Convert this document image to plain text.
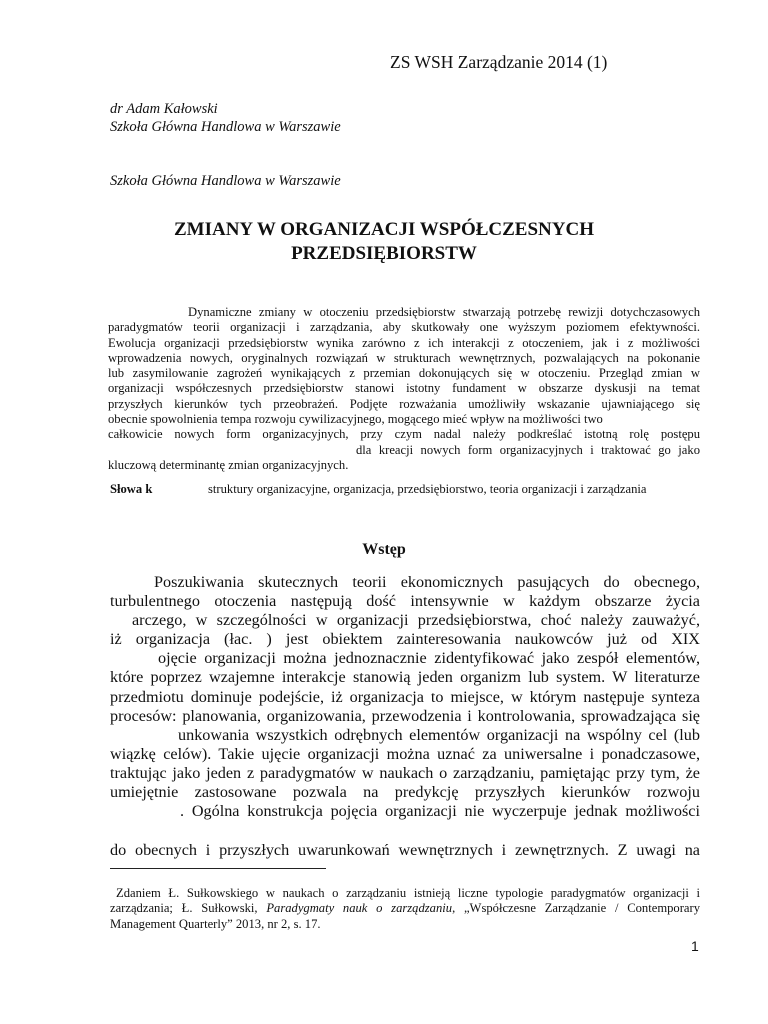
ZS WSH Zarządzanie 2014 (1)
dr Adam Kałowski
Szkoła Główna Handlowa w Warszawie
Szkoła Główna Handlowa w Warszawie
ZMIANY W ORGANIZACJI WSPÓŁCZESNYCH
PRZEDSIĘBIORSTW
Dynamiczne zmiany w otoczeniu przedsiębiorstw stwarzają potrzebę rewizji dotychczasowych
paradygmatów teorii organizacji i zarządzania, aby skutkowały one wyższym poziomem efektywności.
Ewolucja organizacji przedsiębiorstw wynika zarówno z ich interakcji z otoczeniem, jak i z możliwości
wprowadzenia nowych, oryginalnych rozwiązań w strukturach wewnętrznych, pozwalających na pokonanie
lub zasymilowanie zagrożeń wynikających z przemian dokonujących się w otoczeniu. Przegląd zmian w
organizacji współczesnych przedsiębiorstw stanowi istotny fundament w obszarze dyskusji na temat
przyszłych kierunków tych przeobrażeń. Podjęte rozważania umożliwiły wskazanie ujawniającego się
obecnie spowolnienia tempa rozwoju cywilizacyjnego, mogącego mieć wpływ na możliwości two
całkowicie nowych form organizacyjnych, przy czym nadal należy podkreślać istotną rolę postępu
dla kreacji nowych form organizacyjnych i traktować go jako
kluczową determinantę zmian organizacyjnych.
Słowa k	struktury organizacyjne, organizacja, przedsiębiorstwo, teoria organizacji i zarządzania
Wstęp
Poszukiwania skutecznych teorii ekonomicznych pasujących do obecnego,
turbulentnego otoczenia następują dość intensywnie w każdym obszarze życia
arczego, w szczególności w organizacji przedsiębiorstwa, choć należy zauważyć,
iż organizacja (łac. ) jest obiektem zainteresowania naukowców już od XIX
ojęcie organizacji można jednoznacznie zidentyfikować jako zespół elementów,
które poprzez wzajemne interakcje stanowią jeden organizm lub system. W literaturze
przedmiotu dominuje podejście, iż organizacja to miejsce, w którym następuje synteza
procesów: planowania, organizowania, przewodzenia i kontrolowania, sprowadzająca się
unkowania wszystkich odrębnych elementów organizacji na wspólny cel (lub
wiązkę celów). Takie ujęcie organizacji można uznać za uniwersalne i ponadczasowe,
traktując jako jeden z paradygmatów w naukach o zarządzaniu, pamiętając przy tym, że
umiejętnie zastosowane pozwala na predykcję przyszłych kierunków rozwoju
. Ogólna konstrukcja pojęcia organizacji nie wyczerpuje jednak możliwości
do obecnych i przyszłych uwarunkowań wewnętrznych i zewnętrznych. Z uwagi na
Zdaniem Ł. Sułkowskiego w naukach o zarządzaniu istnieją liczne typologie paradygmatów organizacji i
zarządzania; Ł. Sułkowski, Paradygmaty nauk o zarządzaniu, „Współczesne Zarządzanie / Contemporary
Management Quarterly” 2013, nr 2, s. 17.
1
